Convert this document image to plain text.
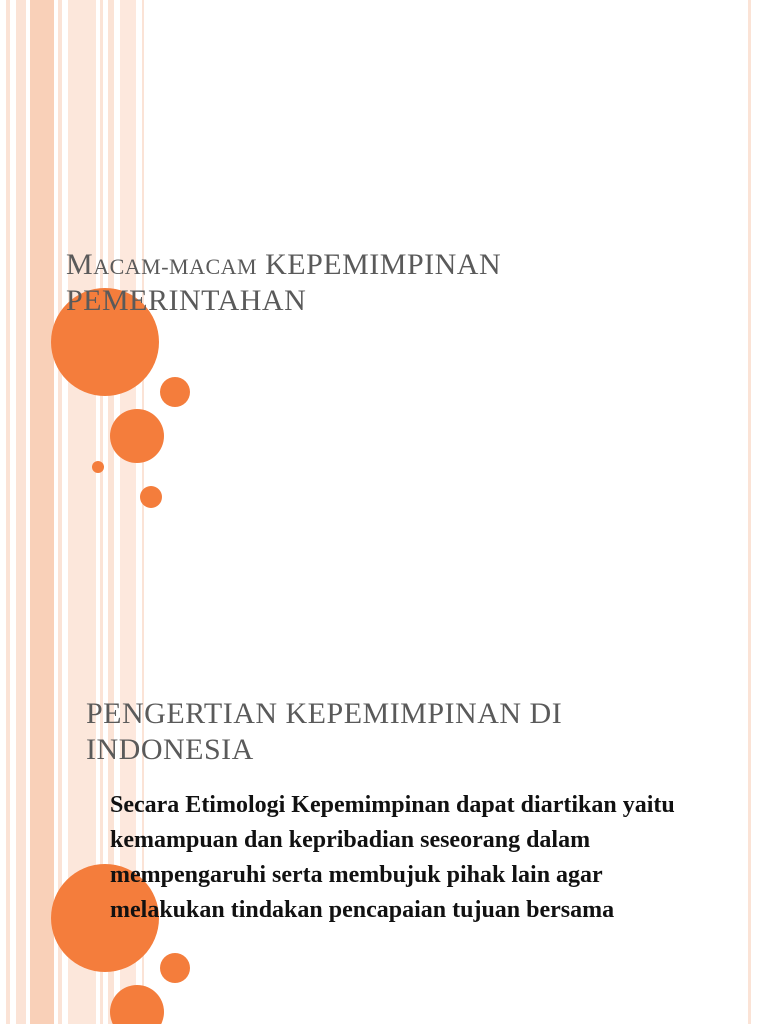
MACAM-MACAM KEPEMIMPINAN PEMERINTAHAN
PENGERTIAN KEPEMIMPINAN DI INDONESIA
Secara Etimologi Kepemimpinan dapat diartikan yaitu kemampuan dan kepribadian seseorang dalam mempengaruhi serta membujuk pihak lain agar melakukan tindakan pencapaian tujuan bersama
